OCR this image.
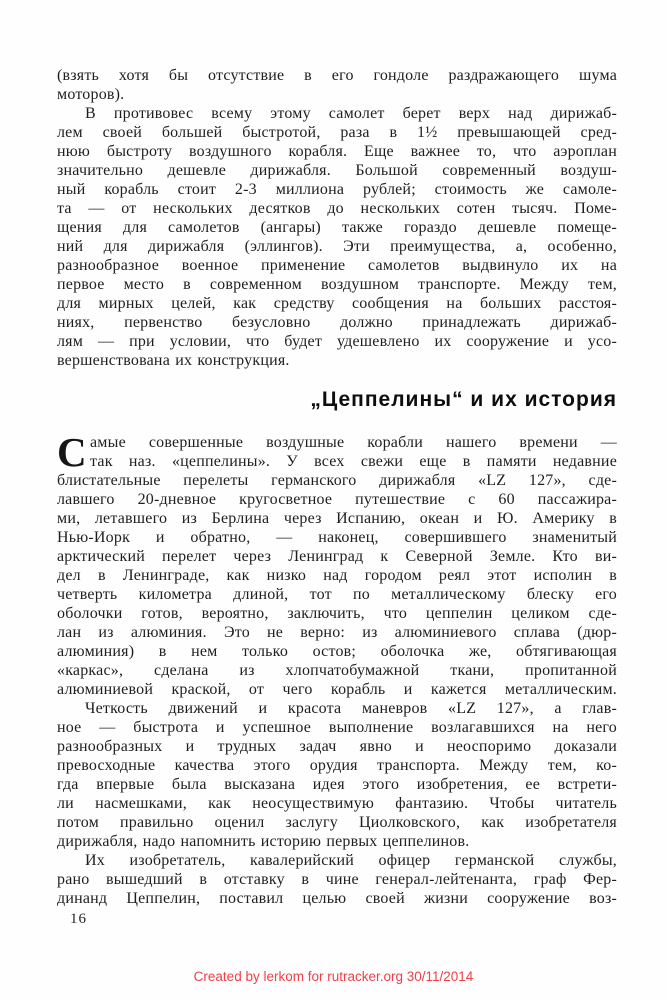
(взять хотя бы отсутствие в его гондоле раздражающего шума
моторов).
В противовес всему этому самолет берет верх над дирижаб-
лем своей большей быстротой, раза в 1½ превышающей сред-
нюю быстроту воздушного корабля. Еще важнее то, что аэроплан
значительно дешевле дирижабля. Большой современный воздуш-
ный корабль стоит 2-3 миллиона рублей; стоимость же самоле-
та — от нескольких десятков до нескольких сотен тысяч. Поме-
щения для самолетов (ангары) также гораздо дешевле помеще-
ний для дирижабля (эллингов). Эти преимущества, а, особенно,
разнообразное военное применение самолетов выдвинуло их на
первое место в современном воздушном транспорте. Между тем,
для мирных целей, как средству сообщения на больших расстоя-
ниях, первенство безусловно должно принадлежать дирижаб-
лям — при условии, что будет удешевлено их сооружение и усо-
вершенствована их конструкция.
„Цеппелины“ и их история
С амые совершенные воздушные корабли нашего времени —
так наз. «цеппелины». У всех свежи еще в памяти недавние
блистательные перелеты германского дирижабля «LZ 127», сде-
лавшего 20-дневное кругосветное путешествие с 60 пассажира-
ми, летавшего из Берлина через Испанию, океан и Ю. Америку в
Нью-Иорк и обратно, — наконец, совершившего знаменитый
арктический перелет через Ленинград к Северной Земле. Кто ви-
дел в Ленинграде, как низко над городом реял этот исполин в
четверть километра длиной, тот по металлическому блеску его
оболочки готов, вероятно, заключить, что цеппелин целиком сде-
лан из алюминия. Это не верно: из алюминиевого сплава (дюр-
алюминия) в нем только остов; оболочка же, обтягивающая
«каркас», сделана из хлопчатобумажной ткани, пропитанной
алюминиевой краской, от чего корабль и кажется металлическим.
Четкость движений и красота маневров «LZ 127», а глав-
ное — быстрота и успешное выполнение возлагавшихся на него
разнообразных и трудных задач явно и неоспоримо доказали
превосходные качества этого орудия транспорта. Между тем, ко-
гда впервые была высказана идея этого изобретения, ее встрети-
ли насмешками, как неосуществимую фантазию. Чтобы читатель
потом правильно оценил заслугу Циолковского, как изобретателя
дирижабля, надо напомнить историю первых цеппелинов.
Их изобретатель, кавалерийский офицер германской службы,
рано вышедший в отставку в чине генерал-лейтенанта, граф Фер-
динанд Цеппелин, поставил целью своей жизни сооружение воз-
16
Created by lerkom for rutracker.org 30/11/2014
